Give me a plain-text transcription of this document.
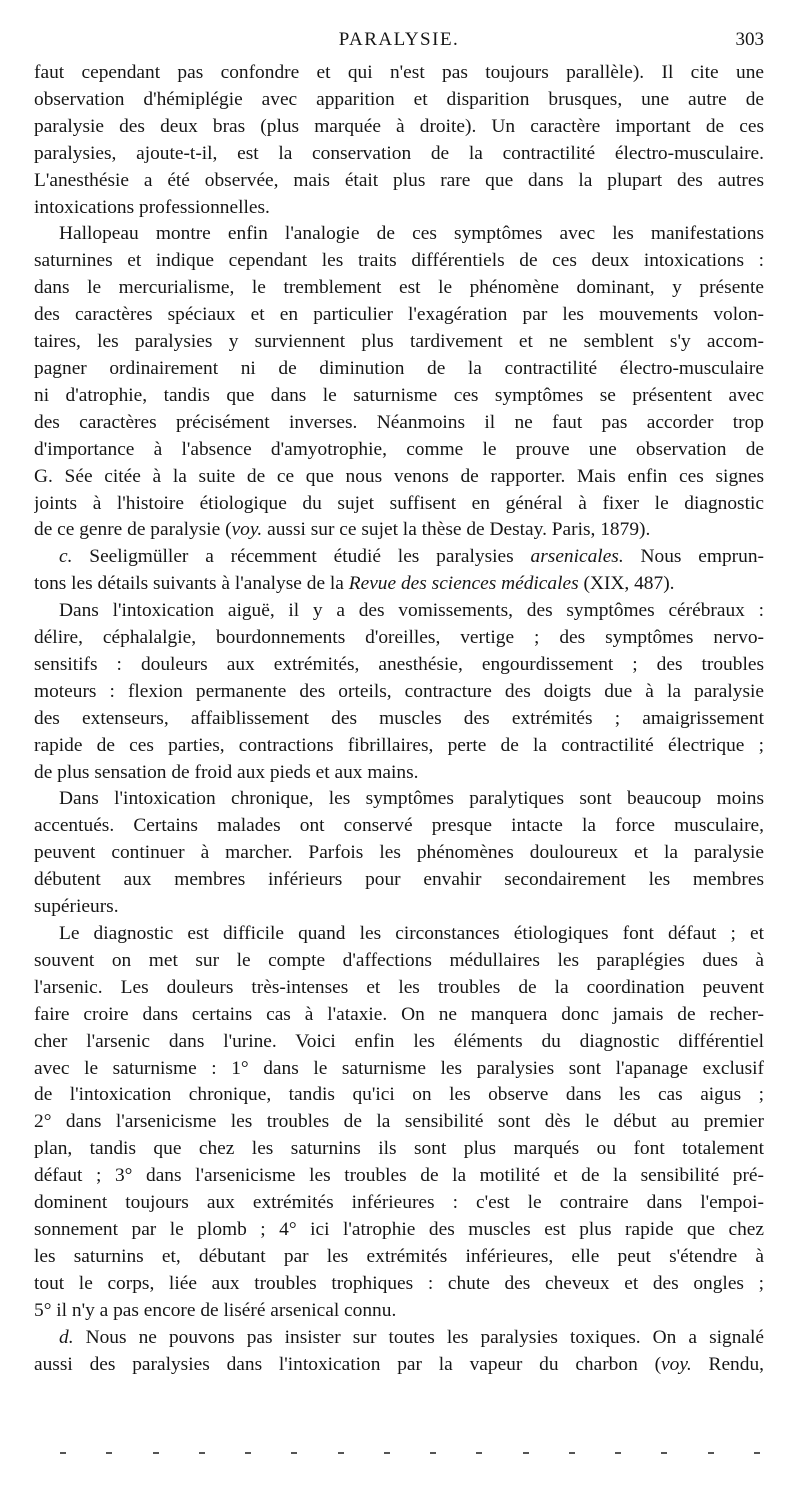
PARALYSIE.	303
faut cependant pas confondre et qui n'est pas toujours parallèle). Il cite une
observation d'hémiplégie avec apparition et disparition brusques, une autre de
paralysie des deux bras (plus marquée à droite). Un caractère important de ces
paralysies, ajoute-t-il, est la conservation de la contractilité électro-musculaire.
L'anesthésie a été observée, mais était plus rare que dans la plupart des autres
intoxications professionnelles.
Hallopeau montre enfin l'analogie de ces symptômes avec les manifestations
saturnines et indique cependant les traits différentiels de ces deux intoxications :
dans le mercurialisme, le tremblement est le phénomène dominant, y présente
des caractères spéciaux et en particulier l'exagération par les mouvements volon-
taires, les paralysies y surviennent plus tardivement et ne semblent s'y accom-
pagner ordinairement ni de diminution de la contractilité électro-musculaire
ni d'atrophie, tandis que dans le saturnisme ces symptômes se présentent avec
des caractères précisément inverses. Néanmoins il ne faut pas accorder trop
d'importance à l'absence d'amyotrophie, comme le prouve une observation de
G. Sée citée à la suite de ce que nous venons de rapporter. Mais enfin ces signes
joints à l'histoire étiologique du sujet suffisent en général à fixer le diagnostic
de ce genre de paralysie (voy. aussi sur ce sujet la thèse de Destay. Paris, 1879).
c. Seeligmüller a récemment étudié les paralysies arsenicales. Nous emprun-
tons les détails suivants à l'analyse de la Revue des sciences médicales (XIX, 487).
Dans l'intoxication aiguë, il y a des vomissements, des symptômes cérébraux :
délire, céphalalgie, bourdonnements d'oreilles, vertige ; des symptômes nervo-
sensitifs : douleurs aux extrémités, anesthésie, engourdissement ; des troubles
moteurs : flexion permanente des orteils, contracture des doigts due à la paralysie
des extenseurs, affaiblissement des muscles des extrémités ; amaigrissement
rapide de ces parties, contractions fibrillaires, perte de la contractilité électrique ;
de plus sensation de froid aux pieds et aux mains.
Dans l'intoxication chronique, les symptômes paralytiques sont beaucoup moins
accentués. Certains malades ont conservé presque intacte la force musculaire,
peuvent continuer à marcher. Parfois les phénomènes douloureux et la paralysie
débutent aux membres inférieurs pour envahir secondairement les membres
supérieurs.
Le diagnostic est difficile quand les circonstances étiologiques font défaut ; et
souvent on met sur le compte d'affections médullaires les paraplégies dues à
l'arsenic. Les douleurs très-intenses et les troubles de la coordination peuvent
faire croire dans certains cas à l'ataxie. On ne manquera donc jamais de recher-
cher l'arsenic dans l'urine. Voici enfin les éléments du diagnostic différentiel
avec le saturnisme : 1° dans le saturnisme les paralysies sont l'apanage exclusif
de l'intoxication chronique, tandis qu'ici on les observe dans les cas aigus ;
2° dans l'arsenicisme les troubles de la sensibilité sont dès le début au premier
plan, tandis que chez les saturnins ils sont plus marqués ou font totalement
défaut ; 3° dans l'arsenicisme les troubles de la motilité et de la sensibilité pré-
dominent toujours aux extrémités inférieures : c'est le contraire dans l'empoi-
sonnement par le plomb ; 4° ici l'atrophie des muscles est plus rapide que chez
les saturnins et, débutant par les extrémités inférieures, elle peut s'étendre à
tout le corps, liée aux troubles trophiques : chute des cheveux et des ongles ;
5° il n'y a pas encore de liséré arsenical connu.
d. Nous ne pouvons pas insister sur toutes les paralysies toxiques. On a signalé
aussi des paralysies dans l'intoxication par la vapeur du charbon (voy. Rendu,
